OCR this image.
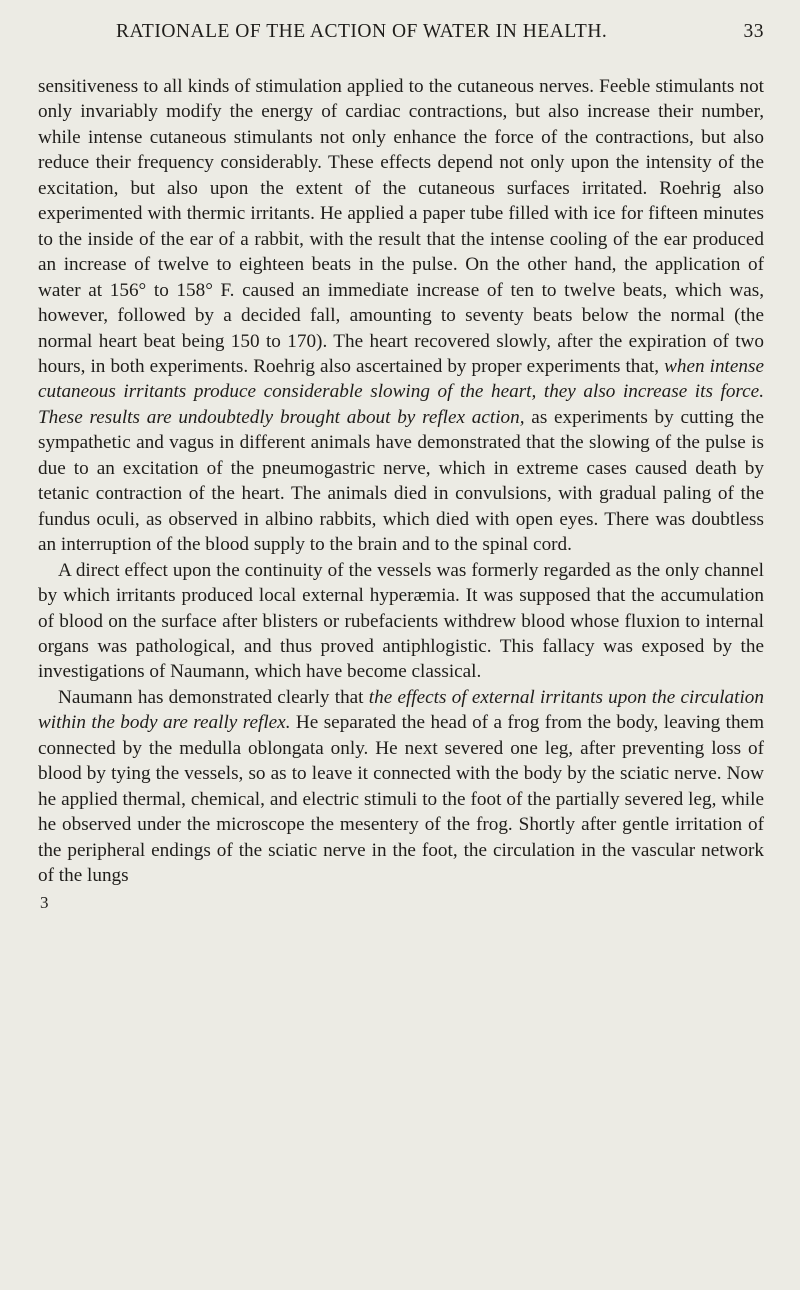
RATIONALE OF THE ACTION OF WATER IN HEALTH.	33

sensitiveness to all kinds of stimulation applied to the cutaneous nerves. Feeble stimulants not only invariably modify the energy of cardiac contractions, but also increase their number, while intense cutaneous stimulants not only enhance the force of the contractions, but also reduce their frequency considerably. These effects depend not only upon the intensity of the excitation, but also upon the extent of the cutaneous surfaces irritated. Roehrig also experimented with thermic irritants. He applied a paper tube filled with ice for fifteen minutes to the inside of the ear of a rabbit, with the result that the intense cooling of the ear produced an increase of twelve to eighteen beats in the pulse. On the other hand, the application of water at 156° to 158° F. caused an immediate increase of ten to twelve beats, which was, however, followed by a decided fall, amounting to seventy beats below the normal (the normal heart beat being 150 to 170). The heart recovered slowly, after the expiration of two hours, in both experiments. Roehrig also ascertained by proper experiments that, when intense cutaneous irritants produce considerable slowing of the heart, they also increase its force. These results are undoubtedly brought about by reflex action, as experiments by cutting the sympathetic and vagus in different animals have demonstrated that the slowing of the pulse is due to an excitation of the pneumogastric nerve, which in extreme cases caused death by tetanic contraction of the heart. The animals died in convulsions, with gradual paling of the fundus oculi, as observed in albino rabbits, which died with open eyes. There was doubtless an interruption of the blood supply to the brain and to the spinal cord.

A direct effect upon the continuity of the vessels was formerly regarded as the only channel by which irritants produced local external hyperæmia. It was supposed that the accumulation of blood on the surface after blisters or rubefacients withdrew blood whose fluxion to internal organs was pathological, and thus proved antiphlogistic. This fallacy was exposed by the investigations of Naumann, which have become classical.

Naumann has demonstrated clearly that the effects of external irritants upon the circulation within the body are really reflex. He separated the head of a frog from the body, leaving them connected by the medulla oblongata only. He next severed one leg, after preventing loss of blood by tying the vessels, so as to leave it connected with the body by the sciatic nerve. Now he applied thermal, chemical, and electric stimuli to the foot of the partially severed leg, while he observed under the microscope the mesentery of the frog. Shortly after gentle irritation of the peripheral endings of the sciatic nerve in the foot, the circulation in the vascular network of the lungs

3
